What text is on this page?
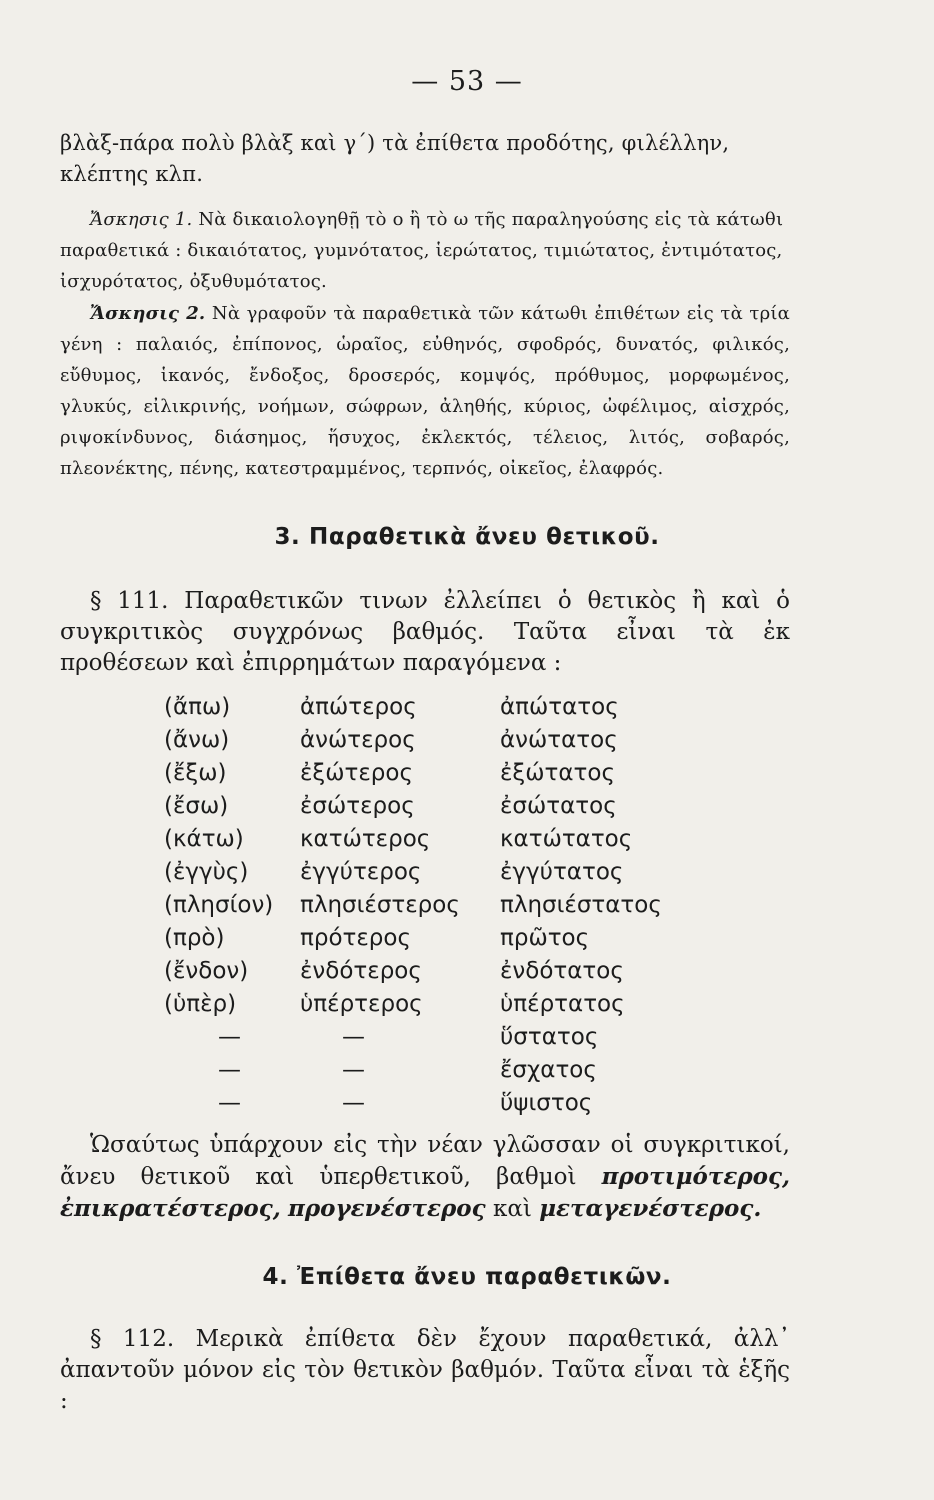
— 53 —

βλὰξ-πάρα πολὺ βλὰξ καὶ γ΄) τὰ ἐπίθετα προδότης, φιλέλλην, κλέπτης κλπ.

Ἄσκησις 1. Νὰ δικαιολογηθῇ τὸ ο ἢ τὸ ω τῆς παραληγούσης εἰς τὰ κάτωθι παραθετικά : δικαιότατος, γυμνότατος, ἱερώτατος, τιμιώτατος, ἐντιμότατος, ἰσχυρότατος, ὀξυθυμότατος.

Ἄσκησις 2. Νὰ γραφοῦν τὰ παραθετικὰ τῶν κάτωθι ἐπιθέτων εἰς τὰ τρία γένη : παλαιός, ἐπίπονος, ὡραῖος, εὐθηνός, σφοδρός, δυνατός, φιλικός, εὔθυμος, ἱκανός, ἔνδοξος, δροσερός, κομψός, πρόθυμος, μορφωμένος, γλυκύς, εἰλικρινής, νοήμων, σώφρων, ἀληθής, κύριος, ὠφέλιμος, αἰσχρός, ριψοκίνδυνος, διάσημος, ἥσυχος, ἐκλεκτός, τέλειος, λιτός, σοβαρός, πλεονέκτης, πένης, κατεστραμμένος, τερπνός, οἰκεῖος, ἐλαφρός.

3. Παραθετικὰ ἄνευ θετικοῦ.

§ 111. Παραθετικῶν τινων ἐλλείπει ὁ θετικὸς ἢ καὶ ὁ συγκριτικὸς συγχρόνως βαθμός. Ταῦτα εἶναι τὰ ἐκ προθέσεων καὶ ἐπιρρημάτων παραγόμενα :

(ἄπω)	ἀπώτερος	ἀπώτατος
(ἄνω)	ἀνώτερος	ἀνώτατος
(ἔξω)	ἐξώτερος	ἐξώτατος
(ἔσω)	ἐσώτερος	ἐσώτατος
(κάτω) κατώτερος	κατώτατος
(ἐγγὺς) ἐγγύτερος	ἐγγύτατος
(πλησίον) πλησιέστερος πλησιέστατος
(πρὸ)	πρότερος	πρῶτος
(ἔνδον) ἐνδότερος	ἐνδότατος
(ὑπὲρ)	ὑπέρτερος	ὑπέρτατος
—	—	ὕστατος
—	—	ἔσχατος
—	—	ὕψιστος

Ὡσαύτως ὑπάρχουν εἰς τὴν νέαν γλῶσσαν οἱ συγκριτικοί, ἄνευ θετικοῦ καὶ ὑπερθετικοῦ, βαθμοὶ προτιμότερος, ἐπικρατέστερος, προγενέστερος καὶ μεταγενέστερος.

4. Ἐπίθετα ἄνευ παραθετικῶν.

§ 112. Μερικὰ ἐπίθετα δὲν ἔχουν παραθετικά, ἀλλ᾽ ἀπαντοῦν μόνον εἰς τὸν θετικὸν βαθμόν. Ταῦτα εἶναι τὰ ἑξῆς :
